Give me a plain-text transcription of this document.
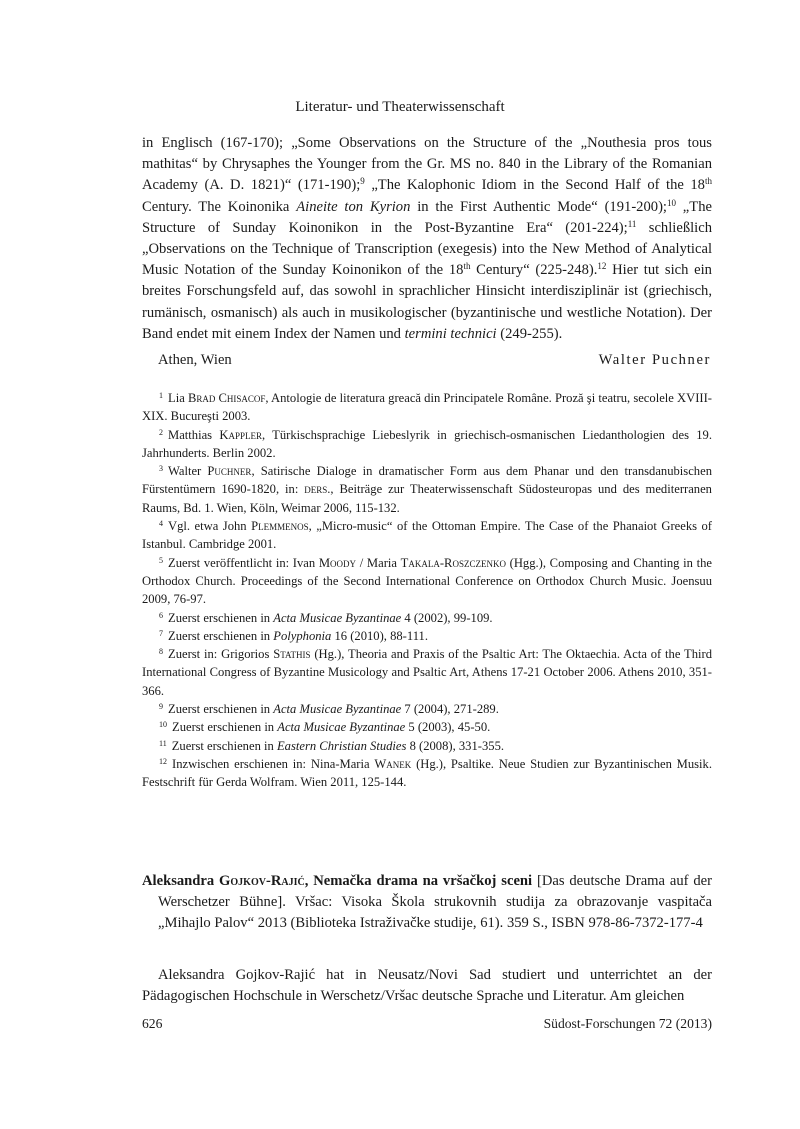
Literatur- und Theaterwissenschaft
in Englisch (167-170); „Some Observations on the Structure of the „Nouthesia pros tous mathitas“ by Chrysaphes the Younger from the Gr. MS no. 840 in the Library of the Romanian Academy (A. D. 1821)“ (171-190);$^9$ „The Kalophonic Idiom in the Second Half of the 18th Century. The Koinonika Aineite ton Kyrion in the First Authentic Mode“ (191-200);$^{10}$ „The Structure of Sunday Koinonikon in the Post-Byzantine Era“ (201-224);$^{11}$ schließlich „Observations on the Technique of Transcription (exegesis) into the New Method of Analytical Music Notation of the Sunday Koinonikon of the 18th Century“ (225-248).$^{12}$ Hier tut sich ein breites Forschungsfeld auf, das sowohl in sprachlicher Hinsicht interdisziplinär ist (griechisch, rumänisch, osmanisch) als auch in musikologischer (byzantinische und westliche Notation). Der Band endet mit einem Index der Namen und termini technici (249-255).
Athen, Wien	Walter Puchner
$^1$ Lia Brad Chisacof, Antologie de literatura greacă din Principatele Române. Proză şi teatru, secolele XVIII-XIX. Bucureşti 2003.
$^2$ Matthias Kappler, Türkischsprachige Liebeslyrik in griechisch-osmanischen Liedanthologien des 19. Jahrhunderts. Berlin 2002.
$^3$ Walter Puchner, Satirische Dialoge in dramatischer Form aus dem Phanar und den transdanubischen Fürstentümern 1690-1820, in: ders., Beiträge zur Theaterwissenschaft Südosteuropas und des mediterranen Raums, Bd. 1. Wien, Köln, Weimar 2006, 115-132.
$^4$ Vgl. etwa John Plemmenos, „Micro-music“ of the Ottoman Empire. The Case of the Phanaiot Greeks of Istanbul. Cambridge 2001.
$^5$ Zuerst veröffentlicht in: Ivan Moody / Maria Takala-Roszczenko (Hgg.), Composing and Chanting in the Orthodox Church. Proceedings of the Second International Conference on Orthodox Church Music. Joensuu 2009, 76-97.
$^6$ Zuerst erschienen in Acta Musicae Byzantinae 4 (2002), 99-109.
$^7$ Zuerst erschienen in Polyphonia 16 (2010), 88-111.
$^8$ Zuerst in: Grigorios Stathis (Hg.), Theoria and Praxis of the Psaltic Art: The Oktaechia. Acta of the Third International Congress of Byzantine Musicology and Psaltic Art, Athens 17-21 October 2006. Athens 2010, 351-366.
$^9$ Zuerst erschienen in Acta Musicae Byzantinae 7 (2004), 271-289.
$^{10}$ Zuerst erschienen in Acta Musicae Byzantinae 5 (2003), 45-50.
$^{11}$ Zuerst erschienen in Eastern Christian Studies 8 (2008), 331-355.
$^{12}$ Inzwischen erschienen in: Nina-Maria Wanek (Hg.), Psaltike. Neue Studien zur Byzantinischen Musik. Festschrift für Gerda Wolfram. Wien 2011, 125-144.
Aleksandra Gojkov-Rajić, Nemačka drama na vršačkoj sceni [Das deutsche Drama auf der Werschetzer Bühne]. Vršac: Visoka Škola strukovnih studija za obrazovanje vaspitača „Mihajlo Palov“ 2013 (Biblioteka Istraživačke studije, 61). 359 S., ISBN 978-86-7372-177-4
Aleksandra Gojkov-Rajić hat in Neusatz/Novi Sad studiert und unterrichtet an der Pädagogischen Hochschule in Werschetz/Vršac deutsche Sprache und Literatur. Am gleichen
626	Südost-Forschungen 72 (2013)
